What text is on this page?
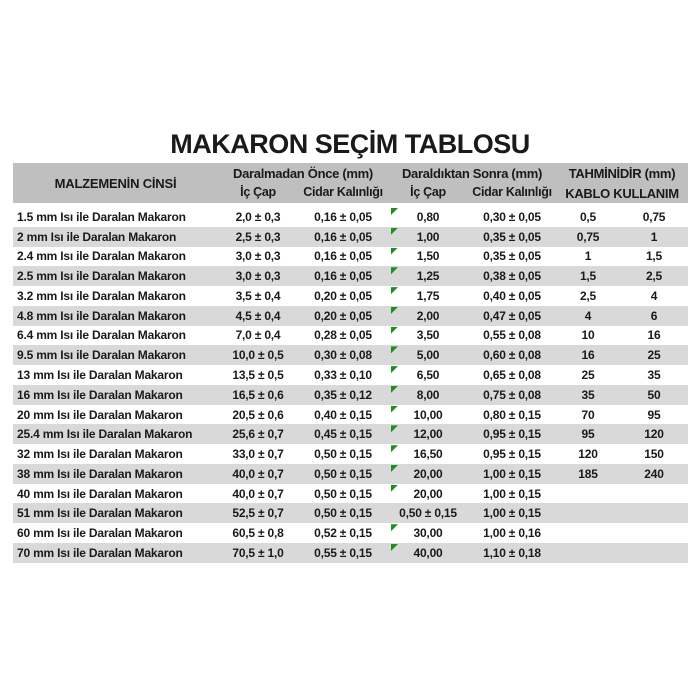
MAKARON SEÇİM TABLOSU
MALZEMENİN CİNSİ
Daralmadan Önce (mm)
İç Çap	Cidar Kalınlığı
Daraldıktan Sonra (mm)
İç Çap	Cidar Kalınlığı
TAHMİNİDİR (mm)
KABLO KULLANIM
1.5 mm Isı ile Daralan Makaron	2,0 ± 0,3	0,16 ± 0,05	0,80	0,30 ± 0,05	0,5	0,75
2 mm Isı ile Daralan Makaron	2,5 ± 0,3	0,16 ± 0,05	1,00	0,35 ± 0,05	0,75	1
2.4 mm Isı ile Daralan Makaron	3,0 ± 0,3	0,16 ± 0,05	1,50	0,35 ± 0,05	1	1,5
2.5 mm Isı ile Daralan Makaron	3,0 ± 0,3	0,16 ± 0,05	1,25	0,38 ± 0,05	1,5	2,5
3.2 mm Isı ile Daralan Makaron	3,5 ± 0,4	0,20 ± 0,05	1,75	0,40 ± 0,05	2,5	4
4.8 mm Isı ile Daralan Makaron	4,5 ± 0,4	0,20 ± 0,05	2,00	0,47 ± 0,05	4	6
6.4 mm Isı ile Daralan Makaron	7,0 ± 0,4	0,28 ± 0,05	3,50	0,55 ± 0,08	10	16
9.5 mm Isı ile Daralan Makaron	10,0 ± 0,5	0,30 ± 0,08	5,00	0,60 ± 0,08	16	25
13 mm Isı ile Daralan Makaron	13,5 ± 0,5	0,33 ± 0,10	6,50	0,65 ± 0,08	25	35
16 mm Isı ile Daralan Makaron	16,5 ± 0,6	0,35 ± 0,12	8,00	0,75 ± 0,08	35	50
20 mm Isı ile Daralan Makaron	20,5 ± 0,6	0,40 ± 0,15	10,00	0,80 ± 0,15	70	95
25.4 mm Isı ile Daralan Makaron	25,6 ± 0,7	0,45 ± 0,15	12,00	0,95 ± 0,15	95	120
32 mm Isı ile Daralan Makaron	33,0 ± 0,7	0,50 ± 0,15	16,50	0,95 ± 0,15	120	150
38 mm Isı ile Daralan Makaron	40,0 ± 0,7	0,50 ± 0,15	20,00	1,00 ± 0,15	185	240
40 mm Isı ile Daralan Makaron	40,0 ± 0,7	0,50 ± 0,15	20,00	1,00 ± 0,15
51 mm Isı ile Daralan Makaron	52,5 ± 0,7	0,50 ± 0,15	0,50 ± 0,15	1,00 ± 0,15
60 mm Isı ile Daralan Makaron	60,5 ± 0,8	0,52 ± 0,15	30,00	1,00 ± 0,16
70 mm Isı ile Daralan Makaron	70,5 ± 1,0	0,55 ± 0,15	40,00	1,10 ± 0,18
